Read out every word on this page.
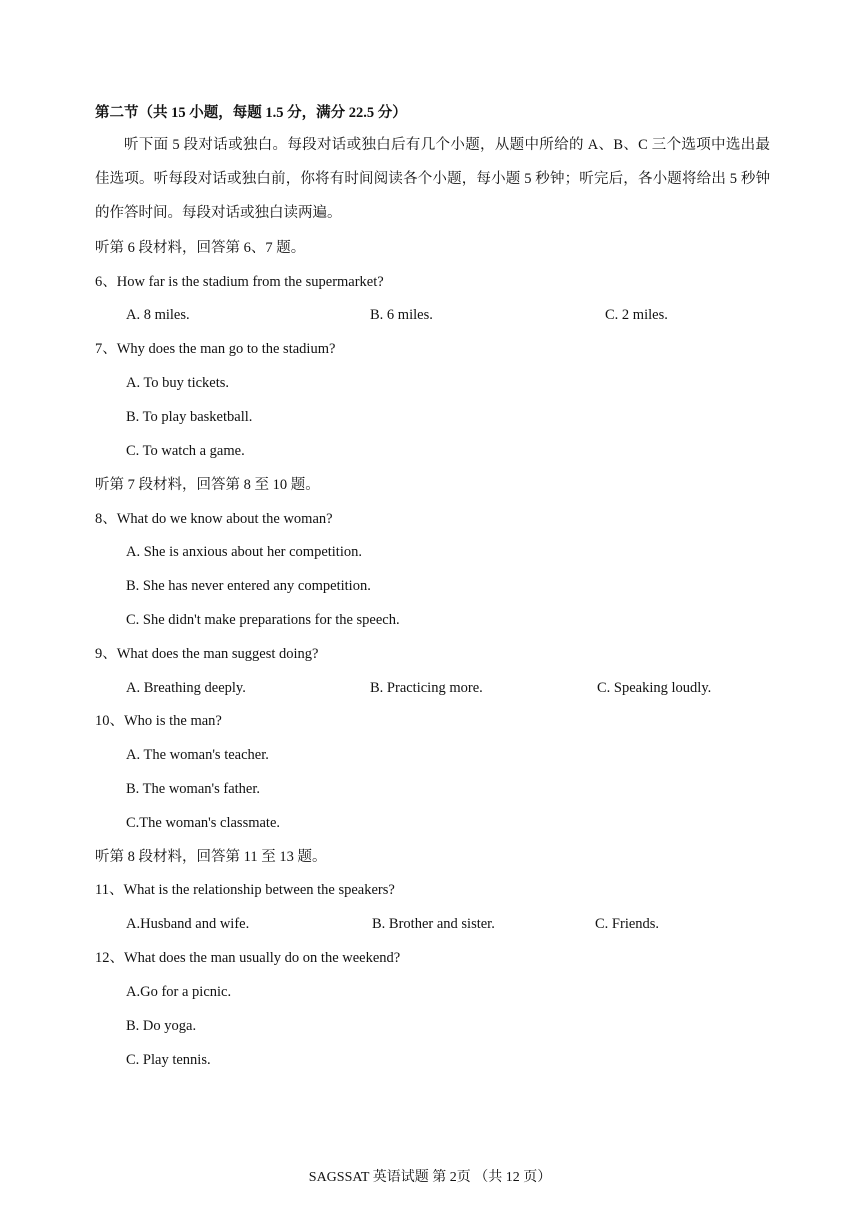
第二节（共 15 小题，每题 1.5 分，满分 22.5 分）
听下面 5 段对话或独白。每段对话或独白后有几个小题，从题中所给的 A、B、C 三个选项中选出最佳选项。听每段对话或独白前，你将有时间阅读各个小题，每小题 5 秒钟；听完后，各小题将给出 5 秒钟的作答时间。每段对话或独白读两遍。
听第 6 段材料，回答第 6、7 题。
6、How far is the stadium from the supermarket?
A. 8 miles.	B. 6 miles.	C. 2 miles.
7、Why does the man go to the stadium?
A. To buy tickets.
B. To play basketball.
C. To watch a game.
听第 7 段材料，回答第 8 至 10 题。
8、What do we know about the woman?
A. She is anxious about her competition.
B. She has never entered any competition.
C. She didn't make preparations for the speech.
9、What does the man suggest doing?
A. Breathing deeply.	B. Practicing more.	C. Speaking loudly.
10、Who is the man?
A. The woman's teacher.
B. The woman's father.
C.The woman's classmate.
听第 8 段材料，回答第 11 至 13 题。
11、What is the relationship between the speakers?
A.Husband and wife.	B. Brother and sister.	C. Friends.
12、What does the man usually do on the weekend?
A.Go for a picnic.
B. Do yoga.
C. Play tennis.
SAGSSAT 英语试题 第 2页 （共 12 页）
